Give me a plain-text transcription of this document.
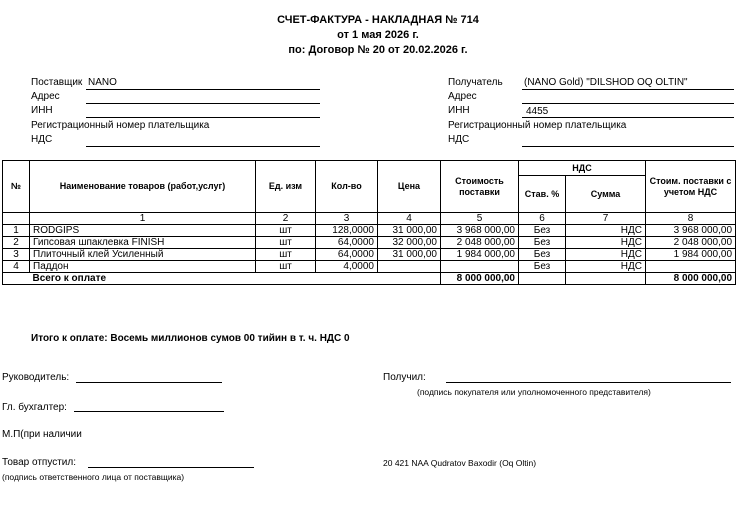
СЧЕТ-ФАКТУРА - НАКЛАДНАЯ № 714
от 1 мая 2026 г.
по: Договор № 20 от 20.02.2026 г.
Поставщик NANO
Адрес
ИНН
Регистрационный номер плательщика
НДС
Получатель (NANO Gold) "DILSHOD OQ OLTIN"
Адрес
ИНН	4455
Регистрационный номер плательщика
НДС
№	Наименование товаров (работ,услуг)	Ед. изм	Кол-во	Цена	Стоимость поставки	НДС		Стоим. поставки с учетом НДС
						Став. %	Сумма	
	1	2	3	4	5	6	7	8
1	RODGIPS	шт	128,0000	31 000,00	3 968 000,00	Без	НДС	3 968 000,00
2	Гипсовая шпаклевка FINISH	шт	64,0000	32 000,00	2 048 000,00	Без	НДС	2 048 000,00
3	Плиточный клей Усиленный	шт	64,0000	31 000,00	1 984 000,00	Без	НДС	1 984 000,00
4	Паддон	шт	4,0000			Без	НДС	
	Всего к оплате				8 000 000,00			8 000 000,00
Итого к оплате: Восемь миллионов сумов 00 тийин в т. ч. НДС 0
Руководитель:
Гл. бухгалтер:
М.П(при наличии
Товар отпустил:
(подпись ответственного лица от поставщика)
Получил:
(подпись покупателя или уполномоченного представителя)
20 421 NAA Qudratov Baxodir (Oq Oltin)
